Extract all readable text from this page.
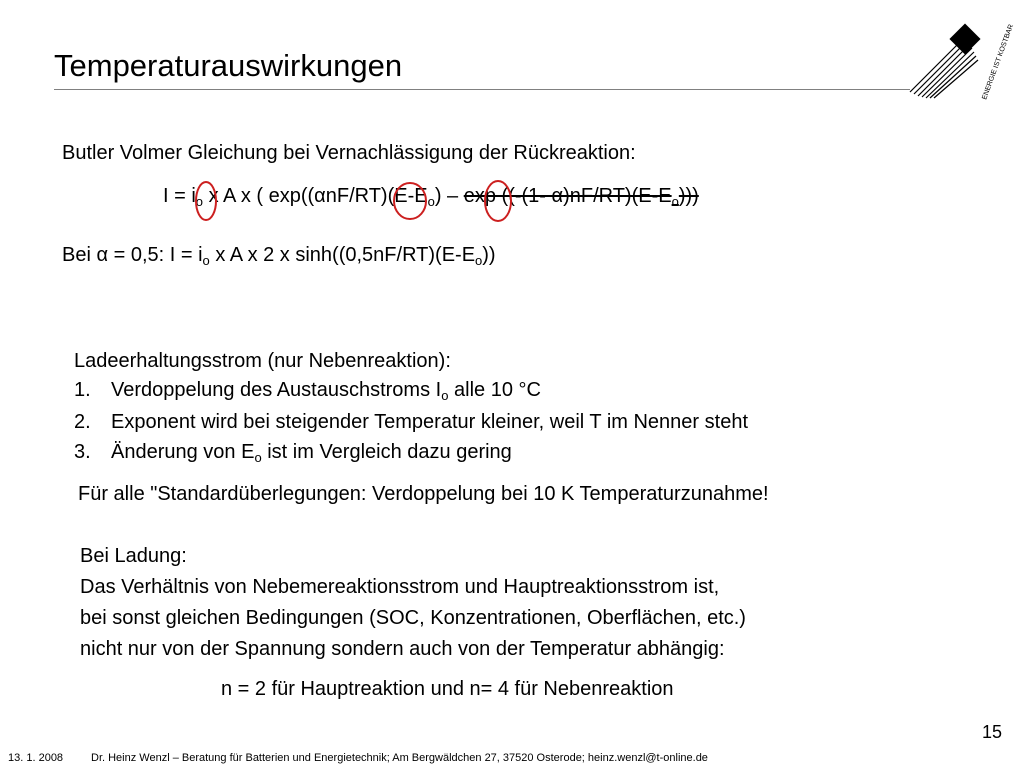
Temperaturauswirkungen	ENERGIE IST KOSTBAR
Butler Volmer Gleichung bei Vernachlässigung der Rückreaktion:
$I = i_o$ x A x ( $\exp((\alpha nF/RT)(E-E_o)$ – exp ((-(1- $\alpha)nF/RT)(E-E_o)$))
Bei α = 0,5: $I = i_o$ x A x 2 x $\sinh((0,5nF/RT)(E-E_o))$
Ladeerhaltungsstrom (nur Nebenreaktion):
1. Verdoppelung des Austauschstroms $I_o$ alle 10 °C
2. Exponent wird bei steigender Temperatur kleiner, weil T im Nenner steht
3. Änderung von $E_o$ ist im Vergleich dazu gering
Für alle "Standardüberlegungen: Verdoppelung bei 10 K Temperaturzunahme!
Bei Ladung:
Das Verhältnis von Nebemereaktionsstrom und Hauptreaktionsstrom ist,
bei sonst gleichen Bedingungen (SOC, Konzentrationen, Oberflächen, etc.)
nicht nur von der Spannung sondern auch von der Temperatur abhängig:
n = 2 für Hauptreaktion und n= 4 für Nebenreaktion
15
13. 1. 2008	Dr. Heinz Wenzl – Beratung für Batterien und Energietechnik; Am Bergwäldchen 27, 37520 Osterode; heinz.wenzl@t-online.de
